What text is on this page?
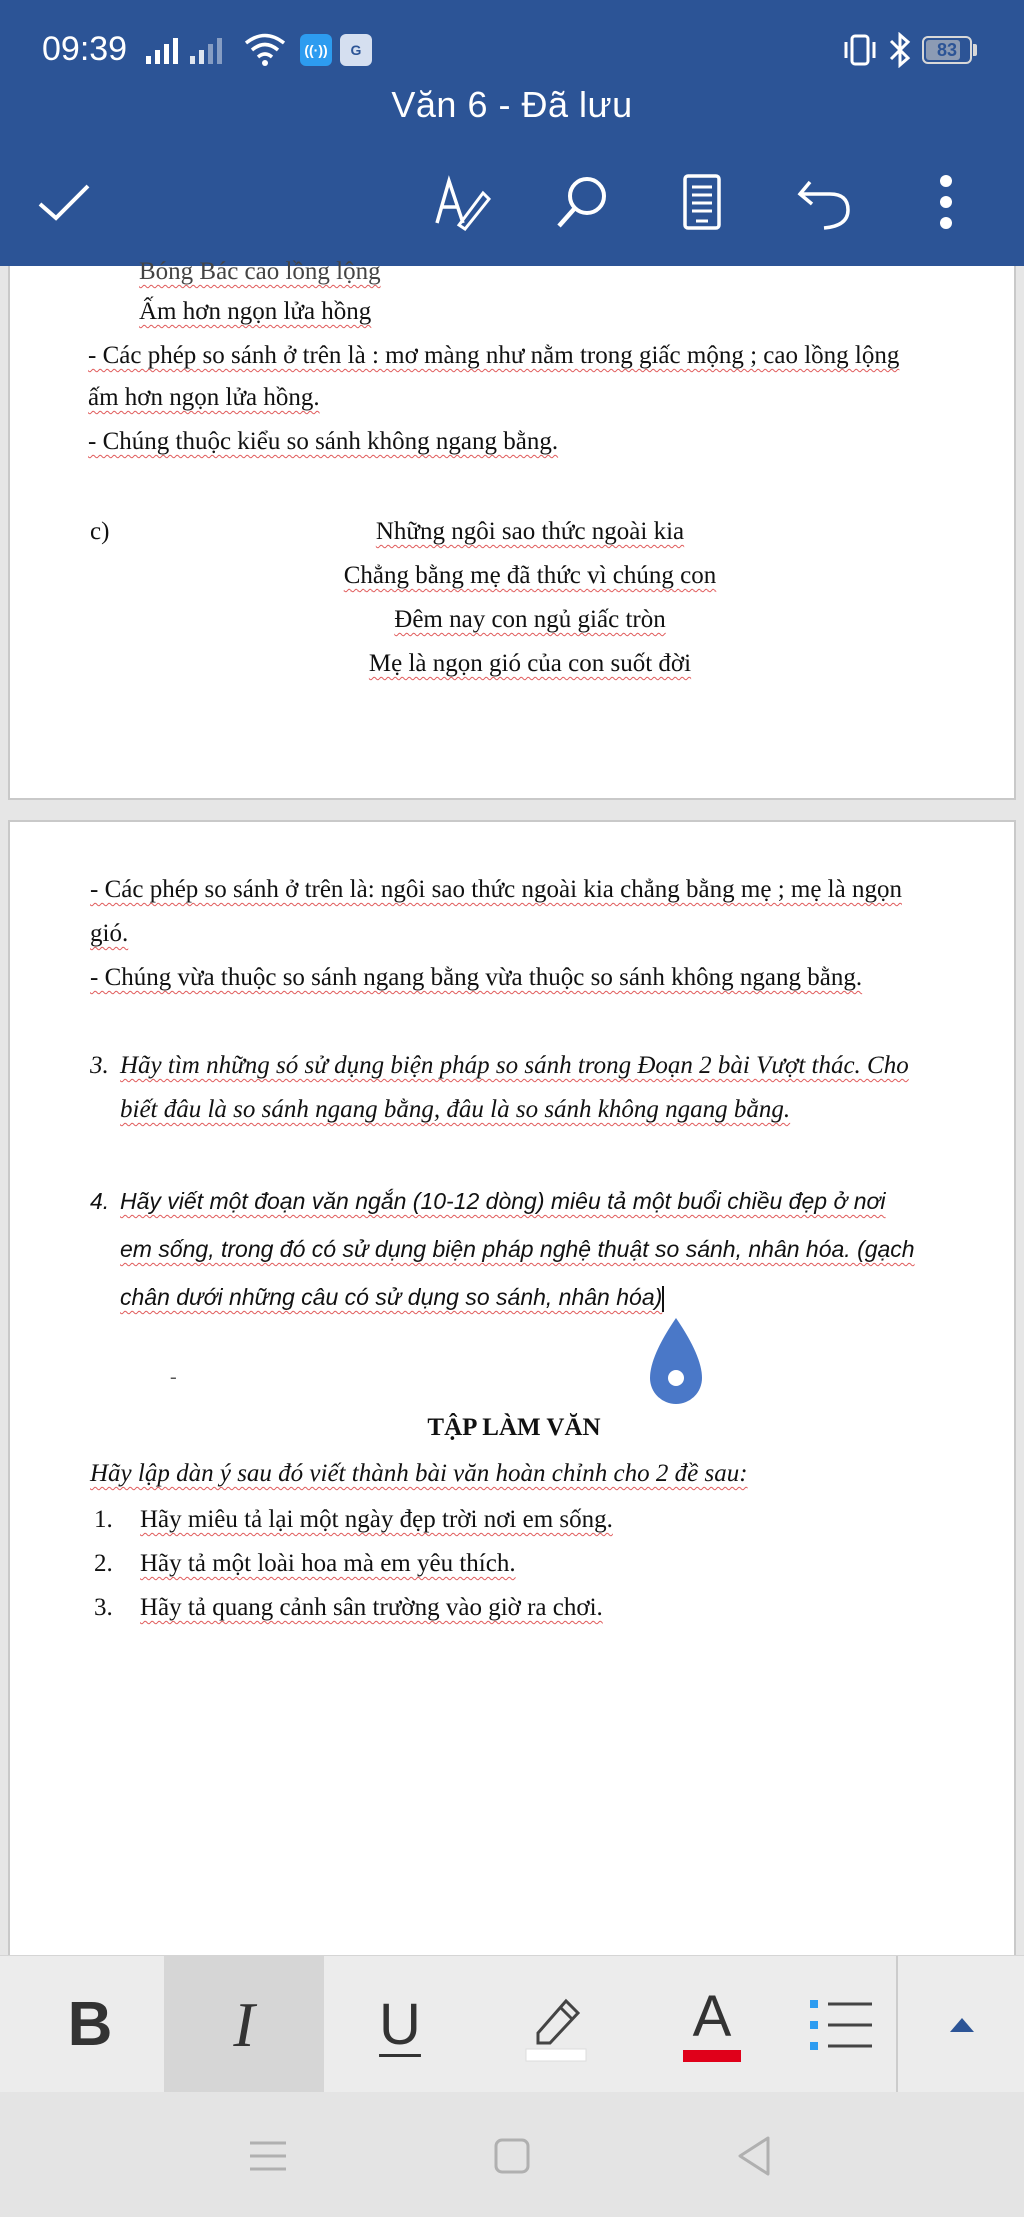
09:39	((·))	G	83
Văn 6 - Đã lưu
Bóng Bác cao lồng lộng
Ấm hơn ngọn lửa hồng
- Các phép so sánh ở trên là : mơ màng như nằm trong giấc mộng ; cao lồng lộng
ấm hơn ngọn lửa hồng.
- Chúng thuộc kiểu so sánh không ngang bằng.
c)	Những ngôi sao thức ngoài kia
Chẳng bằng mẹ đã thức vì chúng con
Đêm nay con ngủ giấc tròn
Mẹ là ngọn gió của con suốt đời
- Các phép so sánh ở trên là: ngôi sao thức ngoài kia chẳng bằng mẹ ; mẹ là ngọn
gió.
- Chúng vừa thuộc so sánh ngang bằng vừa thuộc so sánh không ngang bằng.
3. Hãy tìm những só sử dụng biện pháp so sánh trong Đoạn 2 bài Vượt thác. Cho
biết đâu là so sánh ngang bằng, đâu là so sánh không ngang bằng.
4. Hãy viết một đoạn văn ngắn (10-12 dòng) miêu tả một buổi chiều đẹp ở nơi
em sống, trong đó có sử dụng biện pháp nghệ thuật so sánh, nhân hóa. (gạch
chân dưới những câu có sử dụng so sánh, nhân hóa)
-
TẬP LÀM VĂN
Hãy lập dàn ý sau đó viết thành bài văn hoàn chỉnh cho 2 đề sau:
1. Hãy miêu tả lại một ngày đẹp trời nơi em sống.
2. Hãy tả một loài hoa mà em yêu thích.
3. Hãy tả quang cảnh sân trường vào giờ ra chơi.
B I U	A
